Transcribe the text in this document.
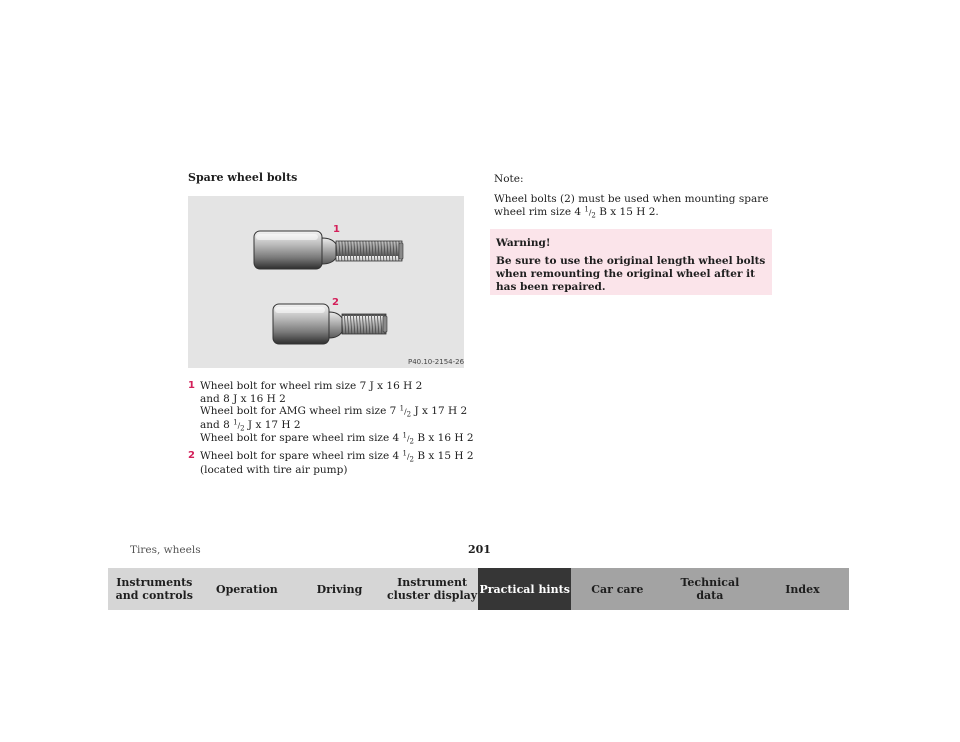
Spare wheel bolts
1
2
P40.10-2154-26
1 Wheel bolt for wheel rim size 7 J x 16 H 2
and 8 J x 16 H 2
Wheel bolt for AMG wheel rim size 7 $^1/_2$ J x 17 H 2
and 8 $^1/_2$ J x 17 H 2
Wheel bolt for spare wheel rim size 4 $^1/_2$ B x 16 H 2
2 Wheel bolt for spare wheel rim size 4 $^1/_2$ B x 15 H 2
(located with tire air pump)

Note:

Wheel bolts (2) must be used when mounting spare
wheel rim size 4 $^1/_2$ B x 15 H 2.

Warning!
Be sure to use the original length wheel bolts when remounting the original wheel after it has been repaired.

Tires, wheels	201

Instruments
and controls	Operation	Driving	Instrument
cluster display Practical hints	Car care	Technical
data	Index
